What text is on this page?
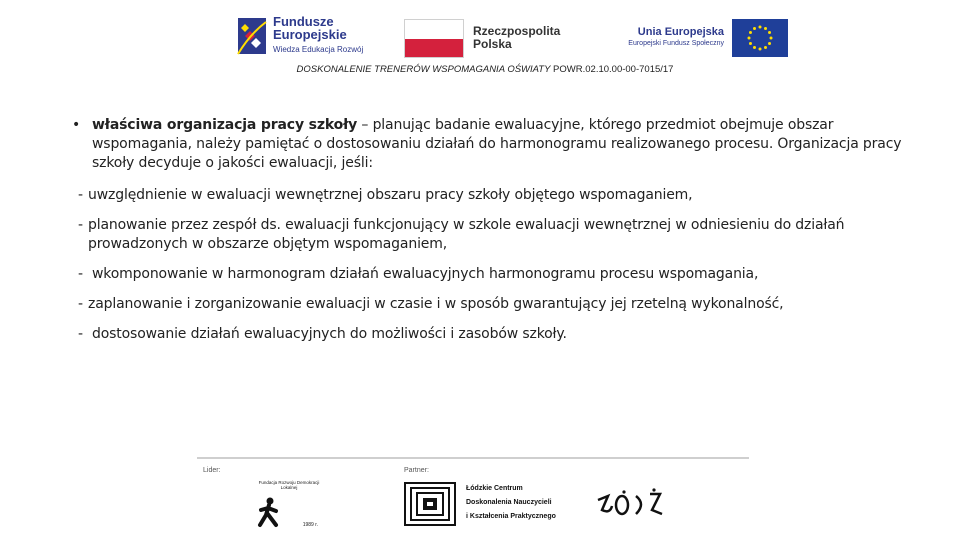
Fundusze
Europejskie
Wiedza Edukacja Rozwój
Rzeczpospolita
Polska
Unia Europejska
Europejski Fundusz Społeczny
DOSKONALENIE TRENERÓW WSPOMAGANIA OŚWIATY POWR.02.10.00-00-7015/17
• właściwa organizacja pracy szkoły – planując badanie ewaluacyjne, którego przedmiot obejmuje obszar wspomagania, należy pamiętać o dostosowaniu działań do harmonogramu realizowanego procesu. Organizacja pracy szkoły decyduje o jakości ewaluacji, jeśli:
- uwzględnienie w ewaluacji wewnętrznej obszaru pracy szkoły objętego wspomaganiem,
- planowanie przez zespół ds. ewaluacji funkcjonujący w szkole ewaluacji wewnętrznej w odniesieniu do działań prowadzonych w obszarze objętym wspomaganiem,
- wkomponowanie w harmonogram działań ewaluacyjnych harmonogramu procesu wspomagania,
- zaplanowanie i zorganizowanie ewaluacji w czasie i w sposób gwarantujący jej rzetelną wykonalność,
- dostosowanie działań ewaluacyjnych do możliwości i zasobów szkoły.
Lider:	Partner:
Fundacja Rozwoju Demokracji Lokalnej
1989 r.
Łódzkie Centrum
Doskonalenia Nauczycieli
i Kształcenia Praktycznego
